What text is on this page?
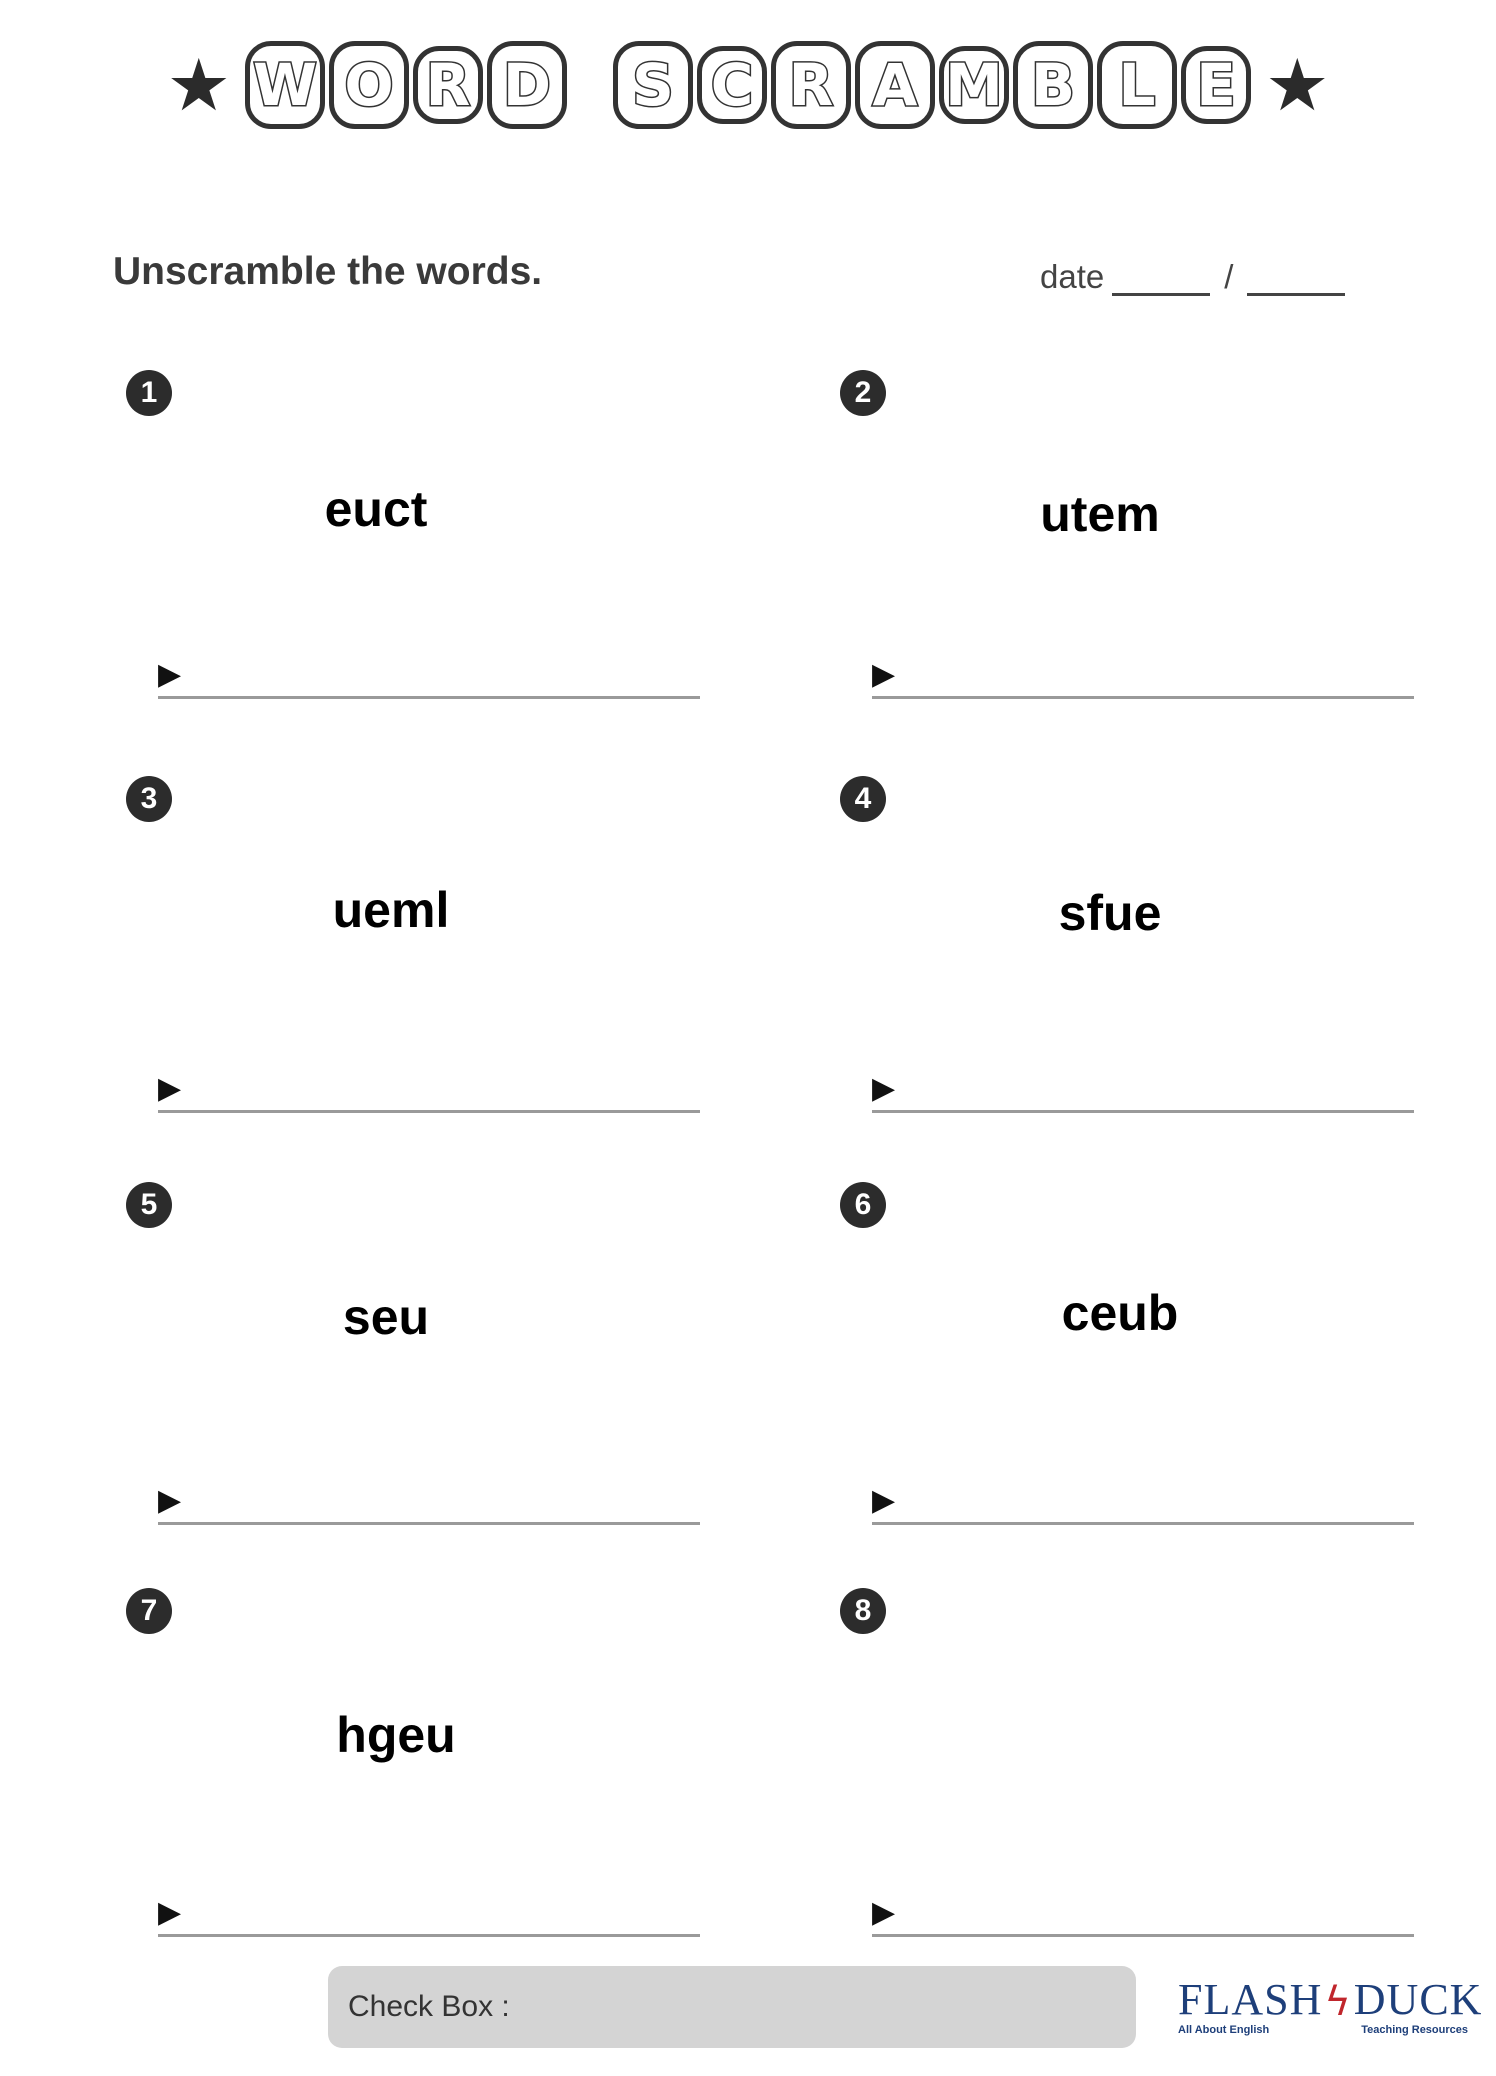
★ W O R D	S C R A M B L E ★
Unscramble the words.	date	/
1
euct
▶
2
utem
▶
3
ueml
▶
4
sfue
▶
5
seu
▶
6
ceub
▶
7
hgeu
▶
8
▶
Check Box :	FLASH ϟ DUCK
All About English	Teaching Resources
